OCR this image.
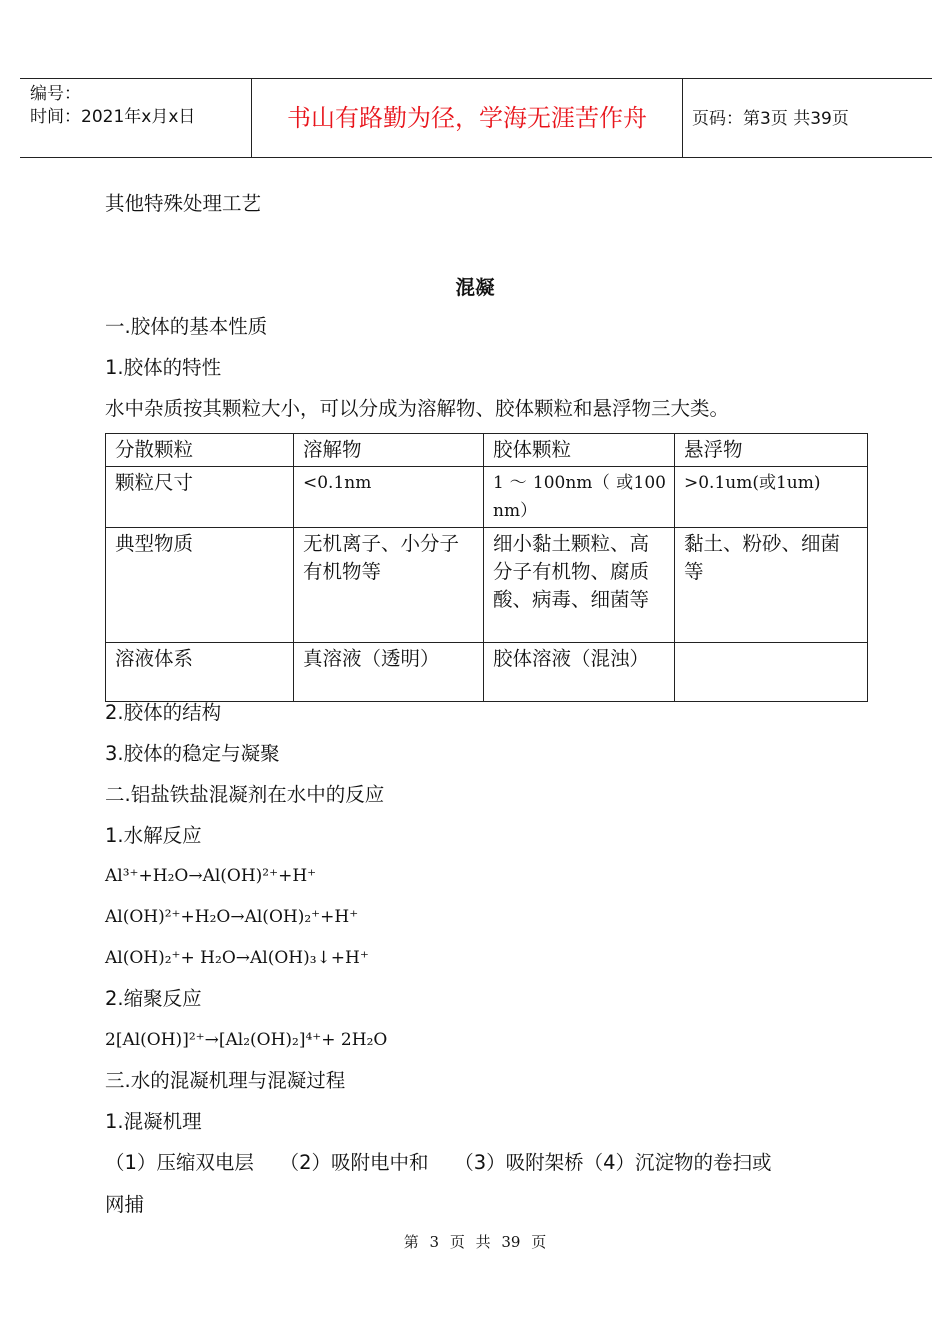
编号：
时间：2021年x月x日	书山有路勤为径，学海无涯苦作舟	页码：第3页 共39页
其他特殊处理工艺
混凝
一.胶体的基本性质
1.胶体的特性
水中杂质按其颗粒大小，可以分成为溶解物、胶体颗粒和悬浮物三大类。
分散颗粒	溶解物	胶体颗粒	悬浮物
颗粒尺寸	<0.1nm	1 ～ 100nm（ 或100nm）	>0.1um(或1um)
典型物质	无机离子、小分子有机物等	细小黏土颗粒、高分子有机物、腐质酸、病毒、细菌等	黏土、粉砂、细菌等
溶液体系	真溶液（透明）	胶体溶液（混浊）	
2.胶体的结构
3.胶体的稳定与凝聚
二.铝盐铁盐混凝剂在水中的反应
1.水解反应
Al³⁺+H₂O→Al(OH)²⁺+H⁺
Al(OH)²⁺+H₂O→Al(OH)₂⁺+H⁺
Al(OH)₂⁺+ H₂O→Al(OH)₃↓+H⁺
2.缩聚反应
2[Al(OH)]²⁺→[Al₂(OH)₂]⁴⁺+ 2H₂O
三.水的混凝机理与混凝过程
1.混凝机理
（1）压缩双电层　 （2）吸附电中和　 （3）吸附架桥（4）沉淀物的卷扫或
网捕
第 3 页 共 39 页
